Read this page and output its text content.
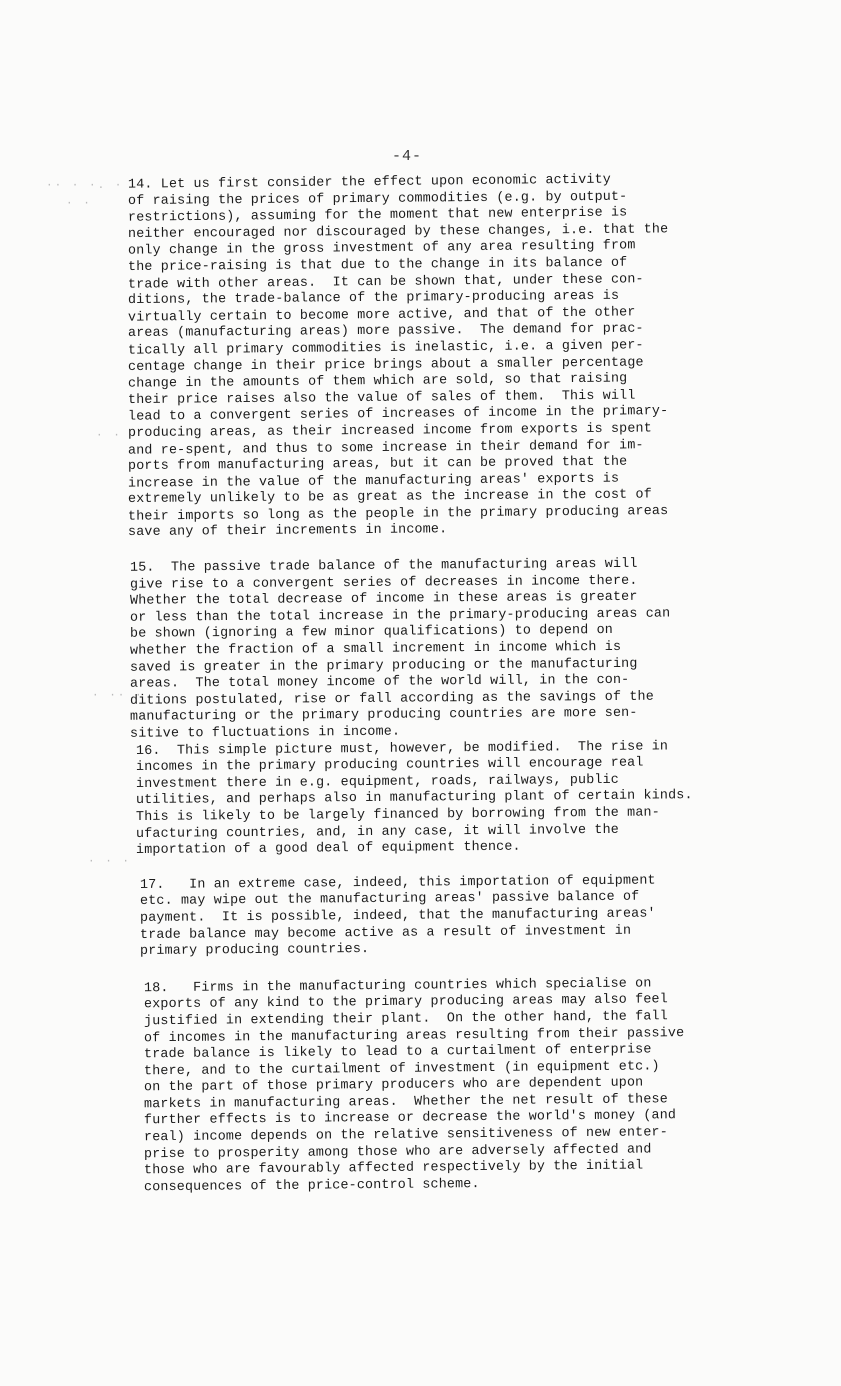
·· · ·. ·
· ·
· · ·
· ·· ·
· · ·
-4-
14. Let us first consider the effect upon economic activity
of raising the prices of primary commodities (e.g. by output-
restrictions), assuming for the moment that new enterprise is
neither encouraged nor discouraged by these changes, i.e. that the
only change in the gross investment of any area resulting from
the price-raising is that due to the change in its balance of
trade with other areas.  It can be shown that, under these con-
ditions, the trade-balance of the primary-producing areas is
virtually certain to become more active, and that of the other
areas (manufacturing areas) more passive.  The demand for prac-
tically all primary commodities is inelastic, i.e. a given per-
centage change in their price brings about a smaller percentage
change in the amounts of them which are sold, so that raising
their price raises also the value of sales of them.  This will
lead to a convergent series of increases of income in the primary-
producing areas, as their increased income from exports is spent
and re-spent, and thus to some increase in their demand for im-
ports from manufacturing areas, but it can be proved that the
increase in the value of the manufacturing areas' exports is
extremely unlikely to be as great as the increase in the cost of
their imports so long as the people in the primary producing areas
save any of their increments in income.
15.  The passive trade balance of the manufacturing areas will
give rise to a convergent series of decreases in income there.
Whether the total decrease of income in these areas is greater
or less than the total increase in the primary-producing areas can
be shown (ignoring a few minor qualifications) to depend on
whether the fraction of a small increment in income which is
saved is greater in the primary producing or the manufacturing
areas.  The total money income of the world will, in the con-
ditions postulated, rise or fall according as the savings of the
manufacturing or the primary producing countries are more sen-
sitive to fluctuations in income.
16.  This simple picture must, however, be modified.  The rise in
incomes in the primary producing countries will encourage real
investment there in e.g. equipment, roads, railways, public
utilities, and perhaps also in manufacturing plant of certain kinds.
This is likely to be largely financed by borrowing from the man-
ufacturing countries, and, in any case, it will involve the
importation of a good deal of equipment thence.
17.   In an extreme case, indeed, this importation of equipment
etc. may wipe out the manufacturing areas' passive balance of
payment.  It is possible, indeed, that the manufacturing areas'
trade balance may become active as a result of investment in
primary producing countries.
18.   Firms in the manufacturing countries which specialise on
exports of any kind to the primary producing areas may also feel
justified in extending their plant.  On the other hand, the fall
of incomes in the manufacturing areas resulting from their passive
trade balance is likely to lead to a curtailment of enterprise
there, and to the curtailment of investment (in equipment etc.)
on the part of those primary producers who are dependent upon
markets in manufacturing areas.  Whether the net result of these
further effects is to increase or decrease the world's money (and
real) income depends on the relative sensitiveness of new enter-
prise to prosperity among those who are adversely affected and
those who are favourably affected respectively by the initial
consequences of the price-control scheme.
